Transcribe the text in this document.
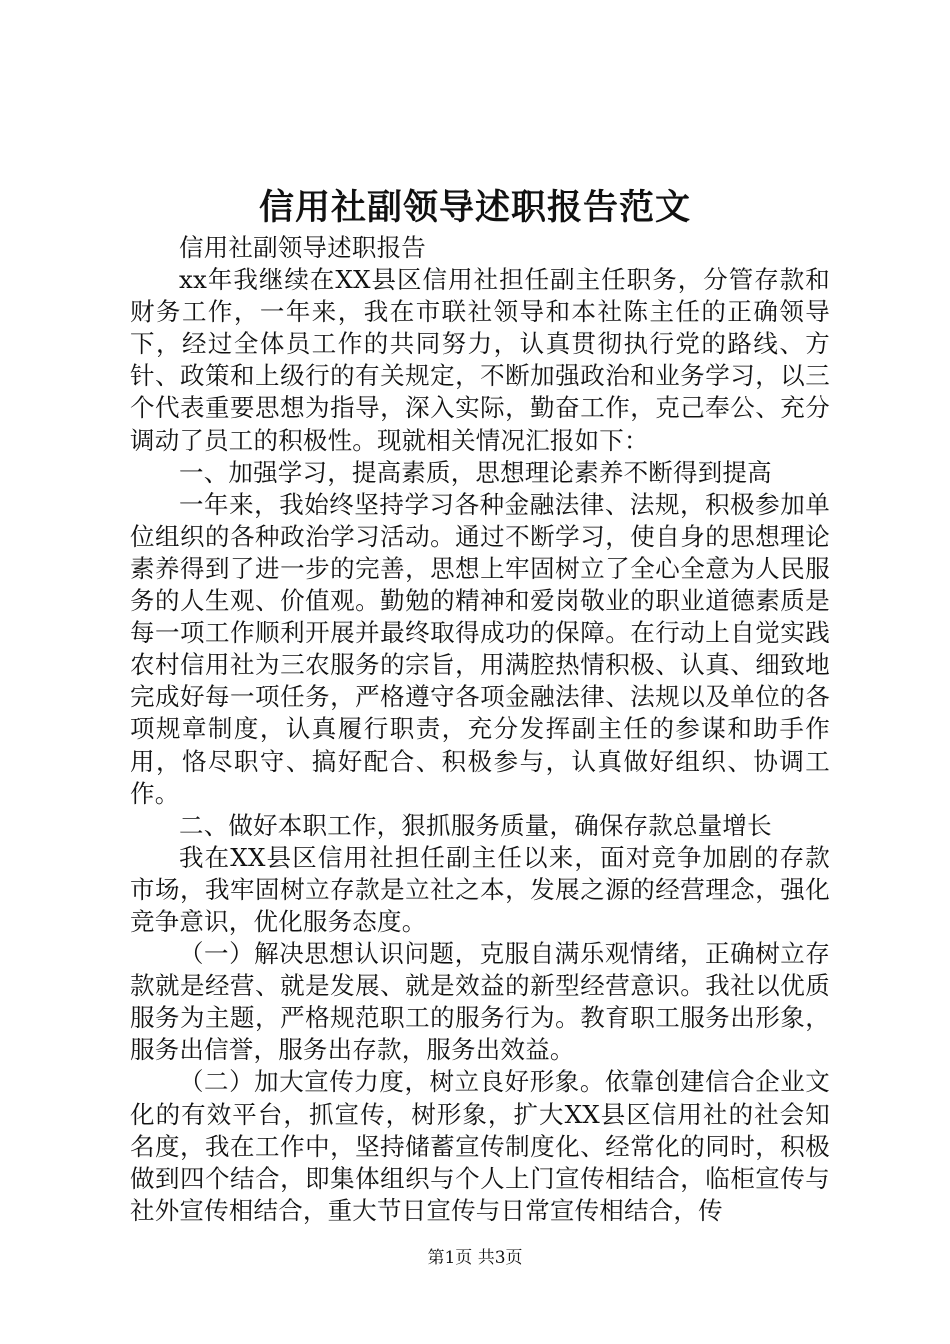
信用社副领导述职报告范文

信用社副领导述职报告

xx年我继续在XX县区信用社担任副主任职务，分管存款和财务工作，一年来，我在市联社领导和本社陈主任的正确领导下，经过全体员工作的共同努力，认真贯彻执行党的路线、方针、政策和上级行的有关规定，不断加强政治和业务学习，以三个代表重要思想为指导，深入实际，勤奋工作，克己奉公、充分调动了员工的积极性。现就相关情况汇报如下：

一、加强学习，提高素质，思想理论素养不断得到提高

一年来，我始终坚持学习各种金融法律、法规，积极参加单位组织的各种政治学习活动。通过不断学习，使自身的思想理论素养得到了进一步的完善，思想上牢固树立了全心全意为人民服务的人生观、价值观。勤勉的精神和爱岗敬业的职业道德素质是每一项工作顺利开展并最终取得成功的保障。在行动上自觉实践农村信用社为三农服务的宗旨，用满腔热情积极、认真、细致地完成好每一项任务，严格遵守各项金融法律、法规以及单位的各项规章制度，认真履行职责，充分发挥副主任的参谋和助手作用，恪尽职守、搞好配合、积极参与，认真做好组织、协调工作。

二、做好本职工作，狠抓服务质量，确保存款总量增长

我在XX县区信用社担任副主任以来，面对竞争加剧的存款市场，我牢固树立存款是立社之本，发展之源的经营理念，强化竞争意识，优化服务态度。

（一）解决思想认识问题，克服自满乐观情绪，正确树立存款就是经营、就是发展、就是效益的新型经营意识。我社以优质服务为主题，严格规范职工的服务行为。教育职工服务出形象，服务出信誉，服务出存款，服务出效益。

（二）加大宣传力度，树立良好形象。依靠创建信合企业文化的有效平台，抓宣传，树形象，扩大XX县区信用社的社会知名度，我在工作中，坚持储蓄宣传制度化、经常化的同时，积极做到四个结合，即集体组织与个人上门宣传相结合，临柜宣传与社外宣传相结合，重大节日宣传与日常宣传相结合，传

第1页 共3页
